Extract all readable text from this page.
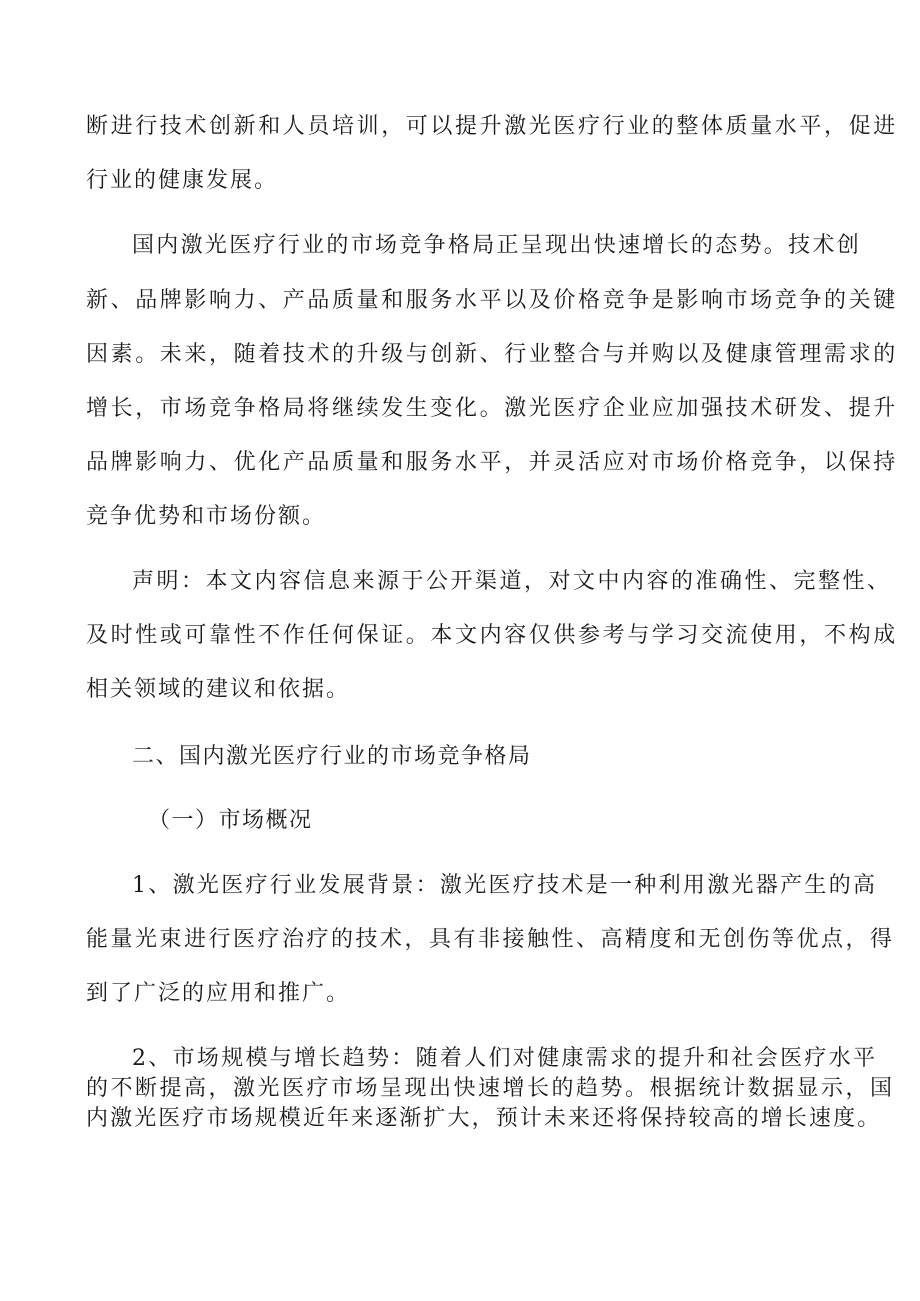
断进行技术创新和人员培训，可以提升激光医疗行业的整体质量水平，促进
行业的健康发展。
国内激光医疗行业的市场竞争格局正呈现出快速增长的态势。技术创
新、品牌影响力、产品质量和服务水平以及价格竞争是影响市场竞争的关键
因素。未来，随着技术的升级与创新、行业整合与并购以及健康管理需求的
增长，市场竞争格局将继续发生变化。激光医疗企业应加强技术研发、提升
品牌影响力、优化产品质量和服务水平，并灵活应对市场价格竞争，以保持
竞争优势和市场份额。
声明：本文内容信息来源于公开渠道，对文中内容的准确性、完整性、
及时性或可靠性不作任何保证。本文内容仅供参考与学习交流使用，不构成
相关领域的建议和依据。
二、国内激光医疗行业的市场竞争格局
（一）市场概况
1、激光医疗行业发展背景：激光医疗技术是一种利用激光器产生的高
能量光束进行医疗治疗的技术，具有非接触性、高精度和无创伤等优点，得
到了广泛的应用和推广。
2、市场规模与增长趋势：随着人们对健康需求的提升和社会医疗水平
的不断提高，激光医疗市场呈现出快速增长的趋势。根据统计数据显示，国
内激光医疗市场规模近年来逐渐扩大，预计未来还将保持较高的增长速度。
